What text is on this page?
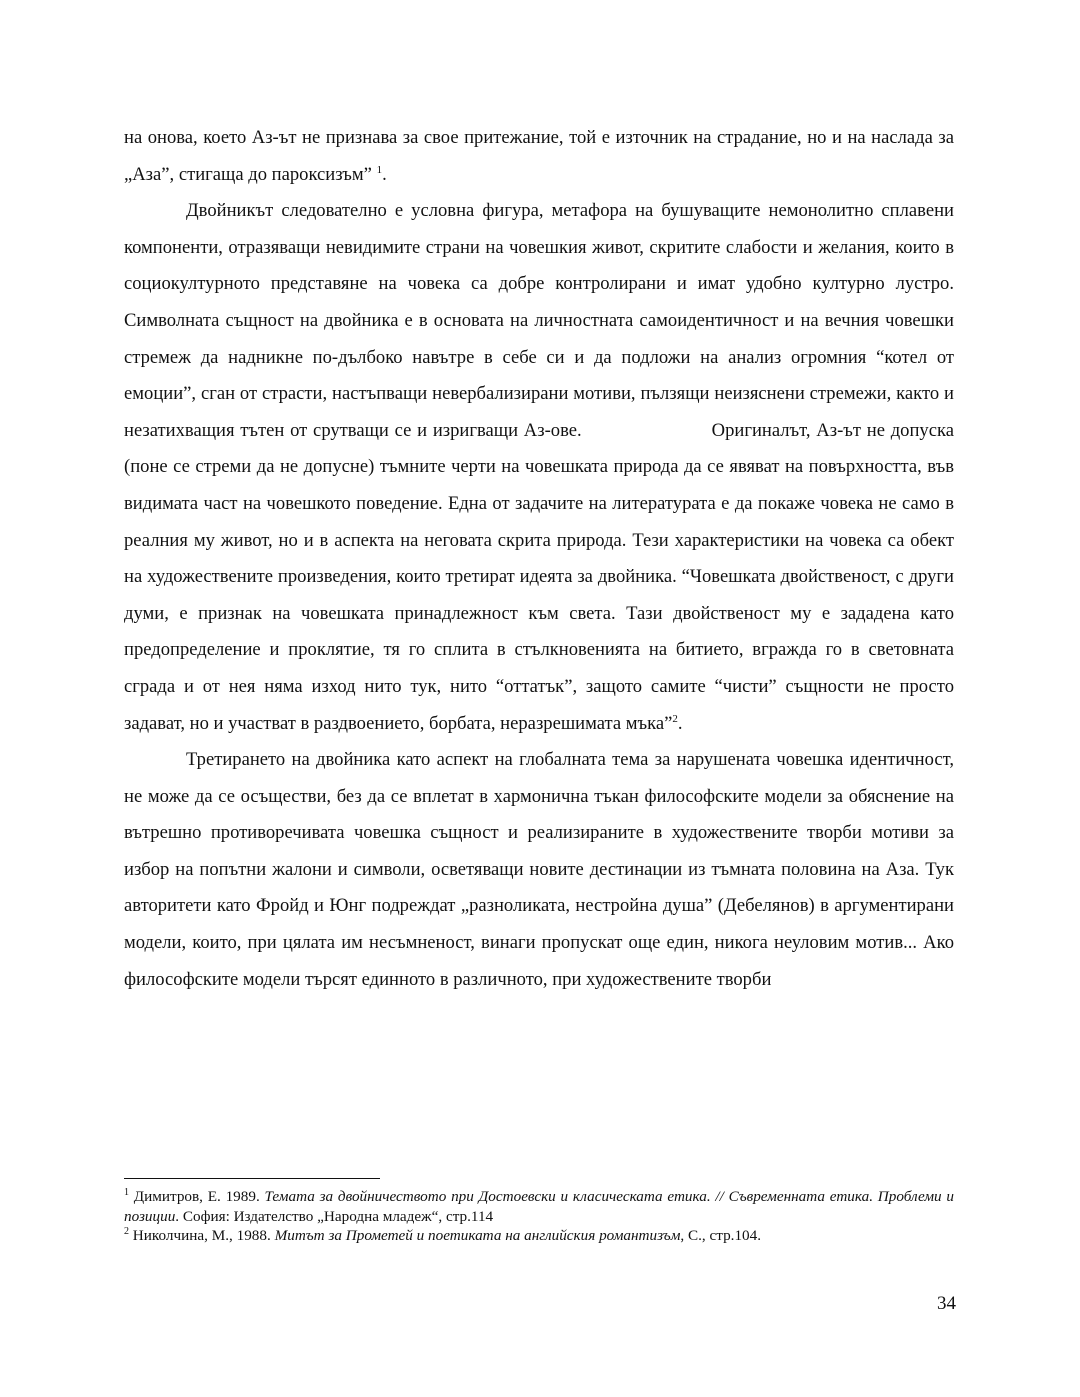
на онова, което Аз-ът не признава за свое притежание, той е източник на страдание, но и на наслада за „Аза”, стигаща до пароксизъм” $^1$.

Двойникът следователно е условна фигура, метафора на бушуващите немонолитно сплавени компоненти, отразяващи невидимите страни на човешкия живот, скритите слабости и желания, които в социокултурното представяне на човека са добре контролирани и имат удобно културно лустро. Символната същност на двойника е в основата на личностната самоидентичност и на вечния човешки стремеж да надникне по-дълбоко навътре в себе си и да подложи на анализ огромния “котел от емоции”, сган от страсти, настъпващи невербализирани мотиви, пълзящи неизяснени стремежи, както и незатихващия тътен от срутващи се и изригващи Аз-ове.	Оригиналът, Аз-ът не допуска (поне се стреми да не допусне) тъмните черти на човешката природа да се явяват на повърхността, във видимата част на човешкото поведение. Една от задачите на литературата е да покаже човека не само в реалния му живот, но и в аспекта на неговата скрита природа. Тези характеристики на човека са обект на художествените произведения, които третират идеята за двойника. “Човешката двойственост, с други думи, е признак на човешката принадлежност към света. Тази двойственост му е зададена като предопределение и проклятие, тя го сплита в стълкновенията на битието, вгражда го в световната сграда и от нея няма изход нито тук, нито “оттатък”, защото самите “чисти” същности не просто задават, но и участват в раздвоението, борбата, неразрешимата мъка”$^2$.

Третирането на двойника като аспект на глобалната тема за нарушената човешка идентичност, не може да се осъществи, без да се вплетат в хармонична тъкан философските модели за обяснение на вътрешно противоречивата човешка същност и реализираните в художествените творби мотиви за избор на попътни жалони и символи, осветяващи новите дестинации из тъмната половина на Аза. Тук авторитети като Фройд и Юнг подреждат „разноликата, нестройна душа” (Дебелянов) в аргументирани модели, които, при цялата им несъмненост, винаги пропускат още един, никога неуловим мотив... Ако философските модели търсят единното в различното, при художествените творби

$^1$ Димитров, Е. 1989. Темата за двойничеството при Достоевски и класическата етика. // Съвременната етика. Проблеми и позиции. София: Издателство „Народна младеж“, стр.114

$^2$ Николчина, М., 1988. Митът за Прометей и поетиката на английския романтизъм, С., стр.104.

34
